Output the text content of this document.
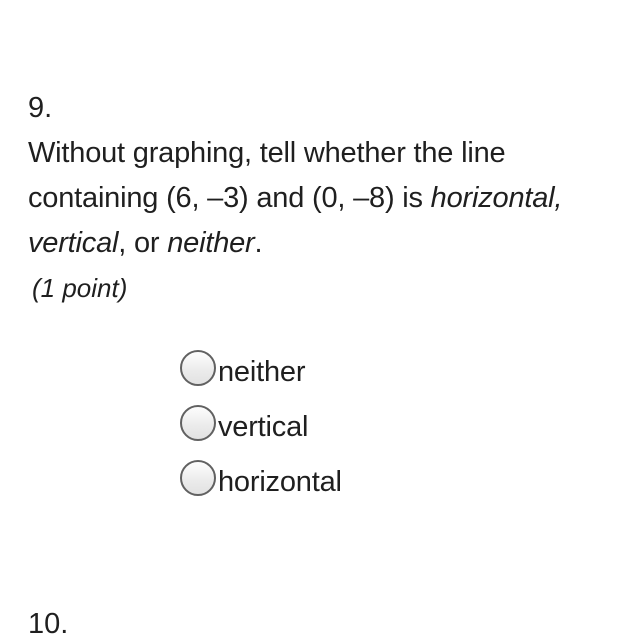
9.
Without graphing, tell whether the line
containing (6, –3) and (0, –8) is horizontal,
vertical, or neither.
(1 point)
neither
vertical
horizontal
10.
